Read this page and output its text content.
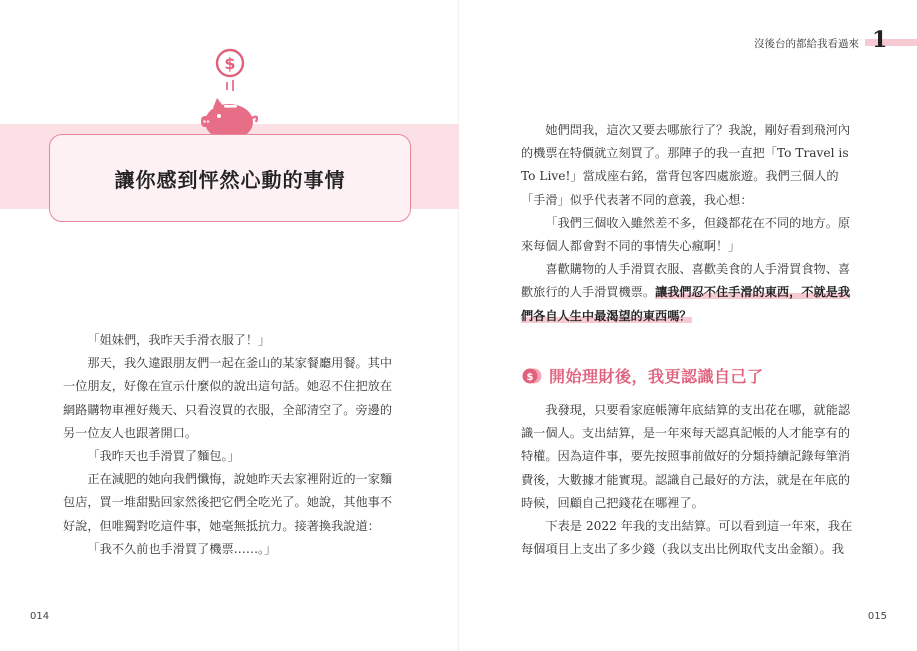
$
讓你感到怦然心動的事情

「姐妹們，我昨天手滑衣服了！」

那天，我久違跟朋友們一起在釜山的某家餐廳用餐。其中一位朋友，好像在宣示什麼似的說出這句話。她忍不住把放在網路購物車裡好幾天、只看沒買的衣服，全部清空了。旁邊的另一位友人也跟著開口。

「我昨天也手滑買了麵包。」

正在減肥的她向我們懺悔，說她昨天去家裡附近的一家麵包店，買一堆甜點回家然後把它們全吃光了。她說，其他事不好說，但唯獨對吃這件事，她毫無抵抗力。接著換我說道：

「我不久前也手滑買了機票……。」

014
沒後台的都給我看過來 1

她們問我，這次又要去哪旅行了？我說，剛好看到飛河內的機票在特價就立刻買了。那陣子的我一直把「To Travel is To Live!」當成座右銘，當背包客四處旅遊。我們三個人的「手滑」似乎代表著不同的意義，我心想：

「我們三個收入雖然差不多，但錢都花在不同的地方。原來每個人都會對不同的事情失心瘋啊！」

喜歡購物的人手滑買衣服、喜歡美食的人手滑買食物、喜歡旅行的人手滑買機票。讓我們忍不住手滑的東西，不就是我們各自人生中最渴望的東西嗎？

$ 開始理財後，我更認識自己了

我發現，只要看家庭帳簿年底結算的支出花在哪，就能認識一個人。支出結算，是一年來每天認真記帳的人才能享有的特權。因為這件事，要先按照事前做好的分類持續記錄每筆消費後，大數據才能實現。認識自己最好的方法，就是在年底的時候，回顧自己把錢花在哪裡了。

下表是 2022 年我的支出結算。可以看到這一年來，我在每個項目上支出了多少錢（我以支出比例取代支出金額）。我

015
